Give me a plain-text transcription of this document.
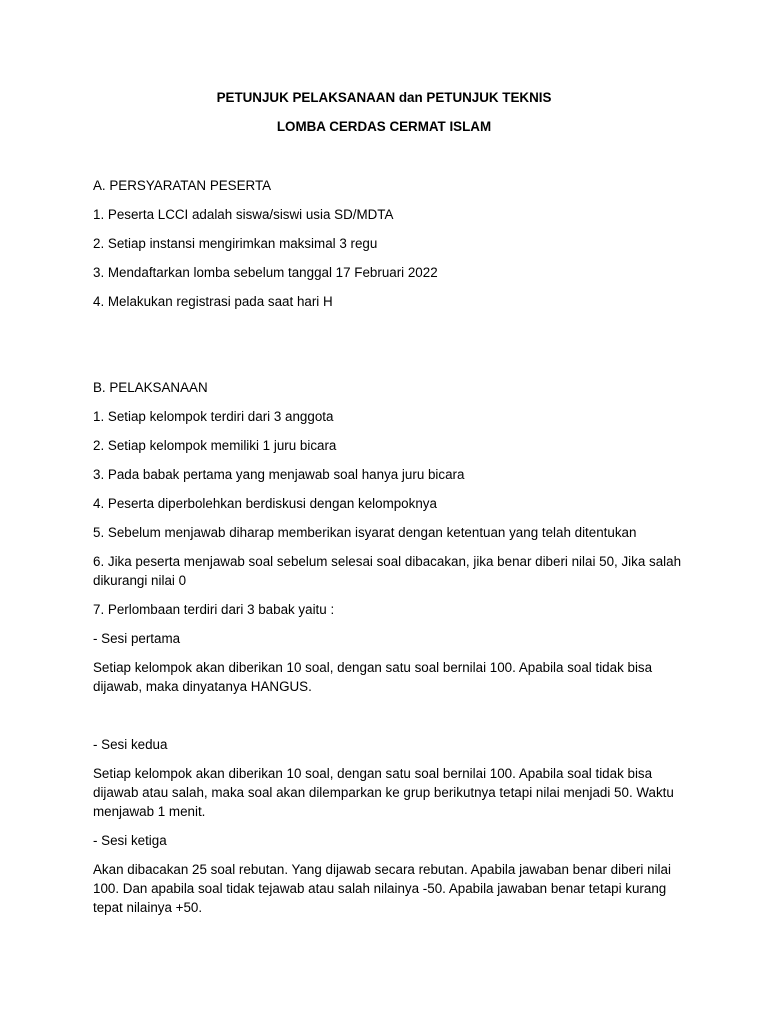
PETUNJUK PELAKSANAAN dan PETUNJUK TEKNIS
LOMBA CERDAS CERMAT ISLAM
A. PERSYARATAN PESERTA
1. Peserta LCCI adalah siswa/siswi usia SD/MDTA
2. Setiap instansi mengirimkan maksimal 3 regu
3. Mendaftarkan lomba sebelum tanggal 17 Februari 2022
4. Melakukan registrasi pada saat hari H
B. PELAKSANAAN
1. Setiap kelompok terdiri dari 3 anggota
2. Setiap kelompok memiliki 1 juru bicara
3. Pada babak pertama yang menjawab soal hanya juru bicara
4. Peserta diperbolehkan berdiskusi dengan kelompoknya
5. Sebelum menjawab diharap memberikan isyarat dengan ketentuan yang telah ditentukan
6. Jika peserta menjawab soal sebelum selesai soal dibacakan, jika benar diberi nilai 50, Jika salah dikurangi nilai 0
7. Perlombaan terdiri dari 3 babak yaitu :
- Sesi pertama
Setiap kelompok akan diberikan 10 soal, dengan satu soal bernilai 100. Apabila soal tidak bisa dijawab, maka dinyatanya HANGUS.
- Sesi kedua
Setiap kelompok akan diberikan 10 soal, dengan satu soal bernilai 100. Apabila soal tidak bisa dijawab atau salah, maka soal akan dilemparkan ke grup berikutnya tetapi nilai menjadi 50. Waktu menjawab 1 menit.
- Sesi ketiga
Akan dibacakan 25 soal rebutan. Yang dijawab secara rebutan. Apabila jawaban benar diberi nilai 100. Dan apabila soal tidak tejawab atau salah nilainya -50. Apabila jawaban benar tetapi kurang tepat nilainya +50.
